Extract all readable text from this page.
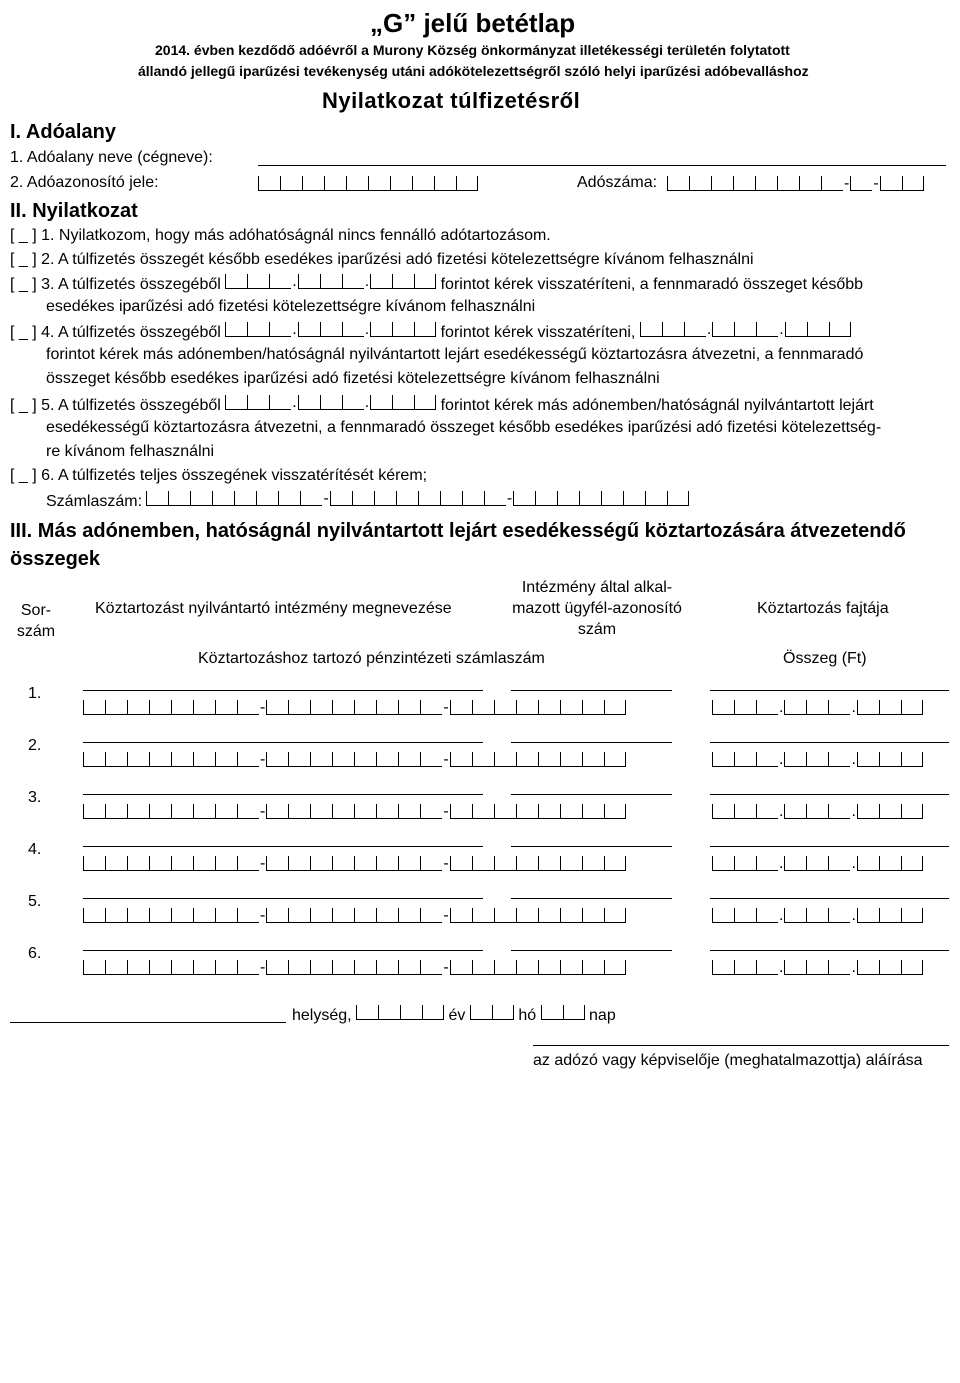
„G” jelű betétlap
2014. évben kezdődő adóévről a Murony Község önkormányzat illetékességi területén folytatott
állandó jellegű iparűzési tevékenység utáni adókötelezettségről szóló helyi iparűzési adóbevalláshoz
Nyilatkozat túlfizetésről
I. Adóalany
1. Adóalany neve (cégneve):
2. Adóazonosító jele:	Adószáma:	- -
II. Nyilatkozat
[ _ ] 1. Nyilatkozom, hogy más adóhatóságnál nincs fennálló adótartozásom.
[ _ ] 2. A túlfizetés összegét később esedékes iparűzési adó fizetési kötelezettségre kívánom felhasználni
[ _ ] 3. A túlfizetés összegéből	.	.	forintot kérek visszatéríteni, a fennmaradó összeget később
esedékes iparűzési adó fizetési kötelezettségre kívánom felhasználni
[ _ ] 4. A túlfizetés összegéből	.	.	forintot kérek visszatéríteni,	.	.
forintot kérek más adónemben/hatóságnál nyilvántartott lejárt esedékességű köztartozásra átvezetni, a fennmaradó
összeget később esedékes iparűzési adó fizetési kötelezettségre kívánom felhasználni
[ _ ] 5. A túlfizetés összegéből	.	.	forintot kérek más adónemben/hatóságnál nyilvántartott lejárt
esedékességű köztartozásra átvezetni, a fennmaradó összeget később esedékes iparűzési adó fizetési kötelezettség-
re kívánom felhasználni
[ _ ] 6. A túlfizetés teljes összegének visszatérítését kérem;
Számlaszám:	-	-
III. Más adónemben, hatóságnál nyilvántartott lejárt esedékességű köztartozására átvezetendő
összegek
Sor-szám
Köztartozást nyilvántartó intézmény megnevezése
Intézmény által alkal-mazott ügyfél-azonosító szám
Köztartozás fajtája
Köztartozáshoz tartozó pénzintézeti számlaszám	Összeg (Ft)
1.
-	-	.	.
2.
-	-	.	.
3.
-	-	.	.
4.
-	-	.	.
5.
-	-	.	.
6.
-	-	.	.
helység,	év	hó	nap
az adózó vagy képviselője (meghatalmazottja) aláírása
